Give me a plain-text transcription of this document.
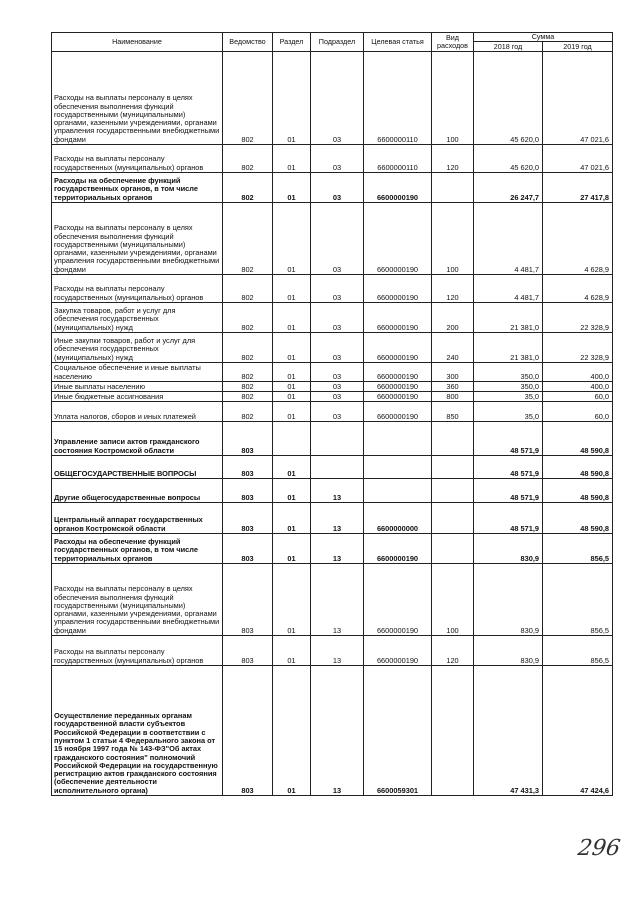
Наименование	Ведомство	Раздел	Подраздел	Целевая статья	Вид расходов	Сумма	
						2018 год	2019 год
Расходы на выплаты персоналу в целях обеспечения выполнения функций государственными (муниципальными) органами, казенными учреждениями, органами управления государственными внебюджетными фондами	802	01	03	6600000110	100	45 620,0	47 021,6
Расходы на выплаты персоналу государственных (муниципальных) органов	802	01	03	6600000110	120	45 620,0	47 021,6
Расходы на обеспечение функций государственных органов, в том числе территориальных органов	802	01	03	6600000190		26 247,7	27 417,8
Расходы на выплаты персоналу в целях обеспечения выполнения функций государственными (муниципальными) органами, казенными учреждениями, органами управления государственными внебюджетными фондами	802	01	03	6600000190	100	4 481,7	4 628,9
Расходы на выплаты персоналу государственных (муниципальных) органов	802	01	03	6600000190	120	4 481,7	4 628,9
Закупка товаров, работ и услуг для обеспечения государственных (муниципальных) нужд	802	01	03	6600000190	200	21 381,0	22 328,9
Иные закупки товаров, работ и услуг для обеспечения государственных (муниципальных) нужд	802	01	03	6600000190	240	21 381,0	22 328,9
Социальное обеспечение и иные выплаты населению	802	01	03	6600000190	300	350,0	400,0
Иные выплаты населению	802	01	03	6600000190	360	350,0	400,0
Иные бюджетные ассигнования	802	01	03	6600000190	800	35,0	60,0
Уплата налогов, сборов и иных платежей	802	01	03	6600000190	850	35,0	60,0
Управление записи актов гражданского состояния Костромской области	803					48 571,9	48 590,8
ОБЩЕГОСУДАРСТВЕННЫЕ ВОПРОСЫ	803	01				48 571,9	48 590,8
Другие общегосударственные вопросы	803	01	13			48 571,9	48 590,8
Центральный аппарат государственных органов Костромской области	803	01	13	6600000000		48 571,9	48 590,8
Расходы на обеспечение функций государственных органов, в том числе территориальных органов	803	01	13	6600000190		830,9	856,5
Расходы на выплаты персоналу в целях обеспечения выполнения функций государственными (муниципальными) органами, казенными учреждениями, органами управления государственными внебюджетными фондами	803	01	13	6600000190	100	830,9	856,5
Расходы на выплаты персоналу государственных (муниципальных) органов	803	01	13	6600000190	120	830,9	856,5
Осуществление переданных органам государственной власти субъектов Российской Федерации в соответствии с пунктом 1 статьи 4 Федерального закона от 15 ноября 1997 года № 143-ФЗ"Об актах гражданского состояния" полномочий Российской Федерации на государственную регистрацию актов гражданского состояния (обеспечение деятельности исполнительного органа)	803	01	13	6600059301		47 431,3	47 424,6
296
